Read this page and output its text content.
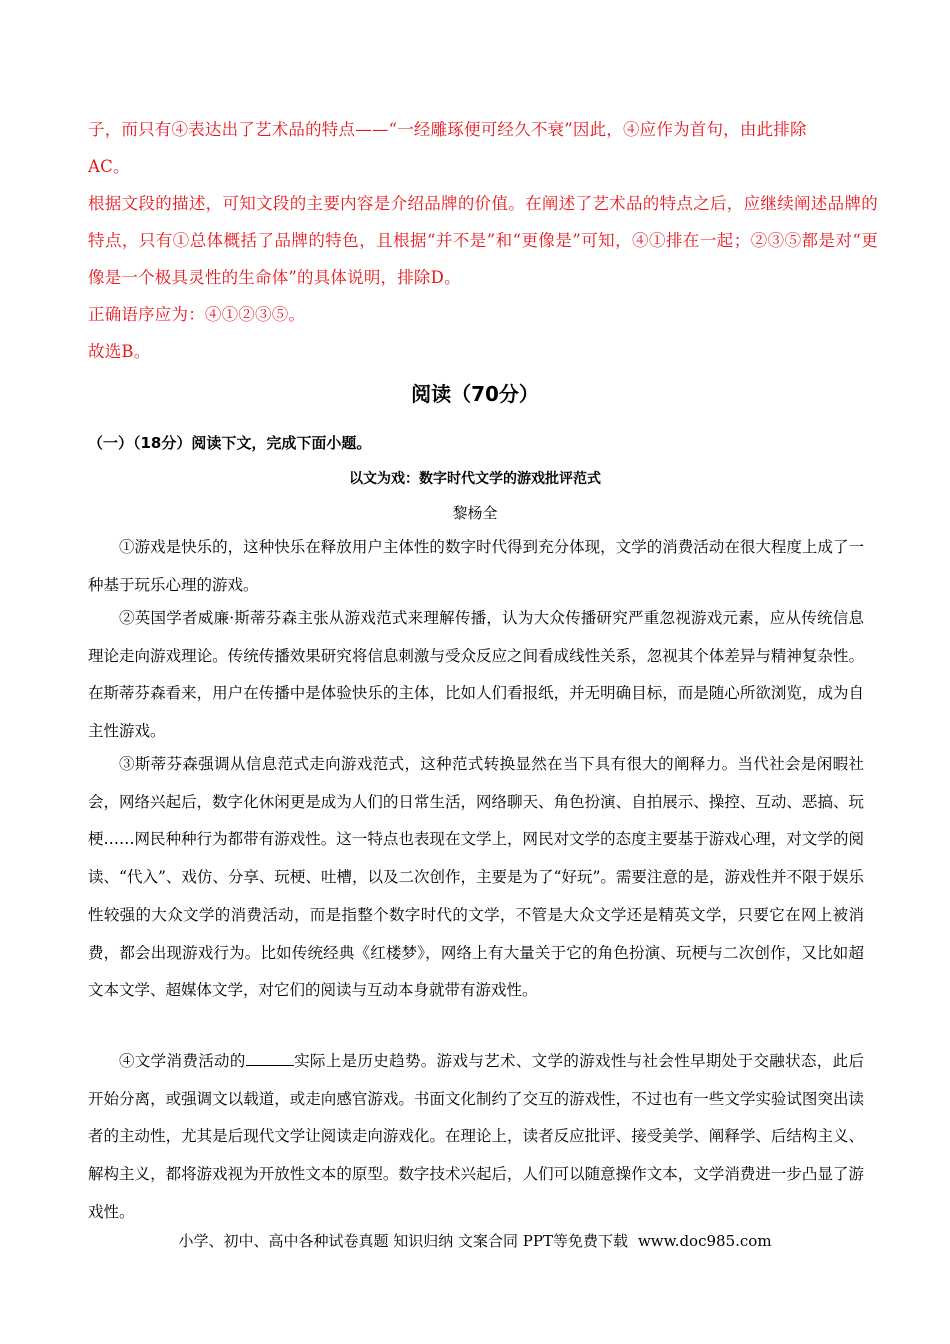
子，而只有④表达出了艺术品的特点——“一经雕琢便可经久不衰”因此，④应作为首句，由此排除

AC。

根据文段的描述，可知文段的主要内容是介绍品牌的价值。在阐述了艺术品的特点之后，应继续阐述品牌的特点，只有①总体概括了品牌的特色，且根据“并不是”和“更像是”可知，④①排在一起；②③⑤都是对“更像是一个极具灵性的生命体”的具体说明，排除D。

正确语序应为：④①②③⑤。

故选B。

阅读（70分）

（一）（18分）阅读下文，完成下面小题。

以文为戏：数字时代文学的游戏批评范式

黎杨全

①游戏是快乐的，这种快乐在释放用户主体性的数字时代得到充分体现，文学的消费活动在很大程度上成了一种基于玩乐心理的游戏。

②英国学者威廉·斯蒂芬森主张从游戏范式来理解传播，认为大众传播研究严重忽视游戏元素，应从传统信息理论走向游戏理论。传统传播效果研究将信息刺激与受众反应之间看成线性关系，忽视其个体差异与精神复杂性。在斯蒂芬森看来，用户在传播中是体验快乐的主体，比如人们看报纸，并无明确目标，而是随心所欲浏览，成为自主性游戏。

③斯蒂芬森强调从信息范式走向游戏范式，这种范式转换显然在当下具有很大的阐释力。当代社会是闲暇社会，网络兴起后，数字化休闲更是成为人们的日常生活，网络聊天、角色扮演、自拍展示、操控、互动、恶搞、玩梗……网民种种行为都带有游戏性。这一特点也表现在文学上，网民对文学的态度主要基于游戏心理，对文学的阅读、“代入”、戏仿、分享、玩梗、吐槽，以及二次创作，主要是为了“好玩”。需要注意的是，游戏性并不限于娱乐性较强的大众文学的消费活动，而是指整个数字时代的文学，不管是大众文学还是精英文学，只要它在网上被消费，都会出现游戏行为。比如传统经典《红楼梦》，网络上有大量关于它的角色扮演、玩梗与二次创作，又比如超文本文学、超媒体文学，对它们的阅读与互动本身就带有游戏性。

④文学消费活动的	实际上是历史趋势。游戏与艺术、文学的游戏性与社会性早期处于交融状态，此后开始分离，或强调文以载道，或走向感官游戏。书面文化制约了交互的游戏性，不过也有一些文学实验试图突出读者的主动性，尤其是后现代文学让阅读走向游戏化。在理论上，读者反应批评、接受美学、阐释学、后结构主义、解构主义，都将游戏视为开放性文本的原型。数字技术兴起后，人们可以随意操作文本，文学消费进一步凸显了游戏性。

小学、初中、高中各种试卷真题 知识归纳 文案合同 PPT等免费下载 www.doc985.com
